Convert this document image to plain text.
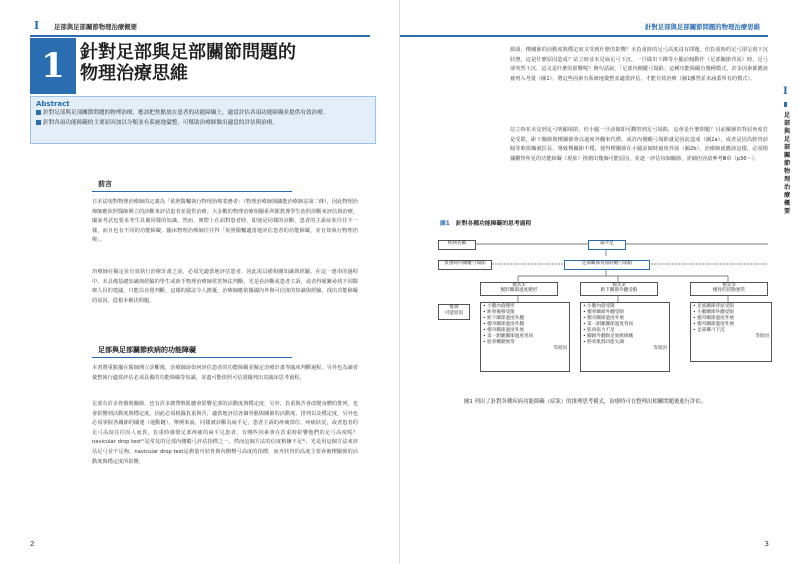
I 足部與足部關節物理治療概要
1 針對足部與足部關節問題的
物理治療思維
Abstract
針對足部與足部關節問題的物理治療，應該把焦點放在患者的功能障礙上，適當評估各項功能障礙並提供有效治療。
針對各項功能障礙的主要原因加以分類並有系統地彙整，可幫助治療師做出適當的評估與治療。
前言
日本法規對物理治療師的定義為「依照醫囑執行物理治療業務者」（物理治療師與職能治療師法第二條），因此物理治療師應依照醫師開立的診斷來評估患者並提供治療。大多數的物理治療相關系所都教導學生依照診斷來評估與治療，國家考試也要求考生具備同樣的知識。然而，實際上在面對患者時，即使是同樣的診斷，患者的主訴症狀往往不一樣，而且也有不同的功能障礙。臨床物理治療師往往得「依照醫囑適當地評估患者的功能障礙，並有效執行物理治療」。
治療師在擬定並有效執行治療計畫之前，必須先適當地評估患者，因此需具備相關知識與經驗。在這一連串的過程中，未具備基礎知識與經驗的學生或新手物理治療師常常無法判斷，光是看診斷或患者主訴，或者得頻繁尋找不同醫療人員的建議，只能以直覺判斷。這樣的做法令人擔憂，治療師應依據國內外與可信度的知識與經驗，找出功能障礙的原因，從根本解決問題。
足部與足部關節疾病的功能障礙
本書將重點擺在醫師開立診斷後，治療師該如何評估患者的功能障礙並擬定治療計畫等臨床判斷過程。另外也為讀者彙整執行適當評估必須具備的功能障礙等知識，並盡可能依照可信證據列出其臨床思考過程。
足部有許多骨骼與關節，也有許多韌帶與肌腱會影響足部的活動度與穩定度，另外，負重與否會改變身體的排列，也會影響到活動度與穩定度，因此必須根據負重與否，適當地評估各個骨骼與關節的活動度、排列以及穩定度，另外也必須掌握各關節的關連（運動鏈），舉例來說，同樣被診斷為扁平足，患者主訴的疼痛部位、疼痛狀況，或者患者的足弓高度往往因人而異，負重時感覺足部疼痛的扁平足患者，有哪些因素會在負重時影響他們的足弓高度呢？navicular drop test¹⁾是常見的足部內側縱弓評估指標之一，然而這個方法的信度稍嫌不足²⁾，光是用這個方法來評估足弓並不足夠。navicular drop test是測量舟狀骨與內側楔弓高度的指標，而舟狀骨的高度主要會被楔關節的活動度與穩定度所影響。
2
針對足部與足部關節問題的物理治療思維
I
足部與足部關節物理治療概要
源頭，楔關節的活動度與穩定度又受到什麼的影響？未負重時的足弓高度沒有問題，但負重時的足弓卻呈現下沉狀態，這是什麼原因造成？站立時並未見扁足弓下沉，一旦做出下蹲等小腿前傾動作（足部關節背屈）時，足弓卻突然下沉，這又是什麼的影響呢？換句話說，「足部內側縱弓塌陷」這種功能障礙有幾種模式，許多因素都應該被列入考量（圖1），將這些因素有系統地彙整並適當評估，才能有效治療（圖1雖然並未涵蓋所有的模式）。
站立時並未見到足弓明顯塌陷，但小腿一旦前傾即可觀察到足弓塌陷，這會是什麼問題？目前關節的背屈角度若是受限，距下關節與楔關節會以過度外翻來代償，或許內側縱弓塌陷就是因此造成（圖2a），或者是因為脛骨前傾等軟組織被拉長，導致楔關節不穩，使得楔關節在小腿前傾時過度外展（圖2b），治療師就應該這樣，必須根據觀察所見的功能障礙（現象）推測出幾個可能原因，並逐一評估每個關節，詳細內容請參考Ⅲ章（p36～）。
圖1 針對各種功能障礙的思考過程
疾病名稱	扁平足
負重時內側縱弓塌陷	足部關節背屈時縱弓塌陷
模式①
楔狀關節過度變形
模式②
距下關節外翻受限
模式③
楔骨的活動異常
推測
可能原因
• 小腿內旋變形
• 距骨後移受限
• 距下關節過度外翻
• 楔舟關節過度外翻
• 楔舟關節過度外展
• 第一跗蹠關節過度背屈
• 股骨轉動異常
等原因
• 小腿內旋受限
• 楔骨關節外翻受限
• 楔舟關節過度外展
• 第一跗蹠關節過度背屈
• 肌肉張力不足
• 腳跟外翻與足底軟組織
• 脛骨肌群功能失調
等原因
• 足底關節背屈受限
• 小腿關節外翻受限
• 楔舟關節過度外展
• 楔舟關節過度外展
• 足部橫弓下沉
等原因
圖1 列出了針對各種疾病功能障礙（症狀）的推理思考模式，治療時可在整理出相關問題後進行評估。
3
